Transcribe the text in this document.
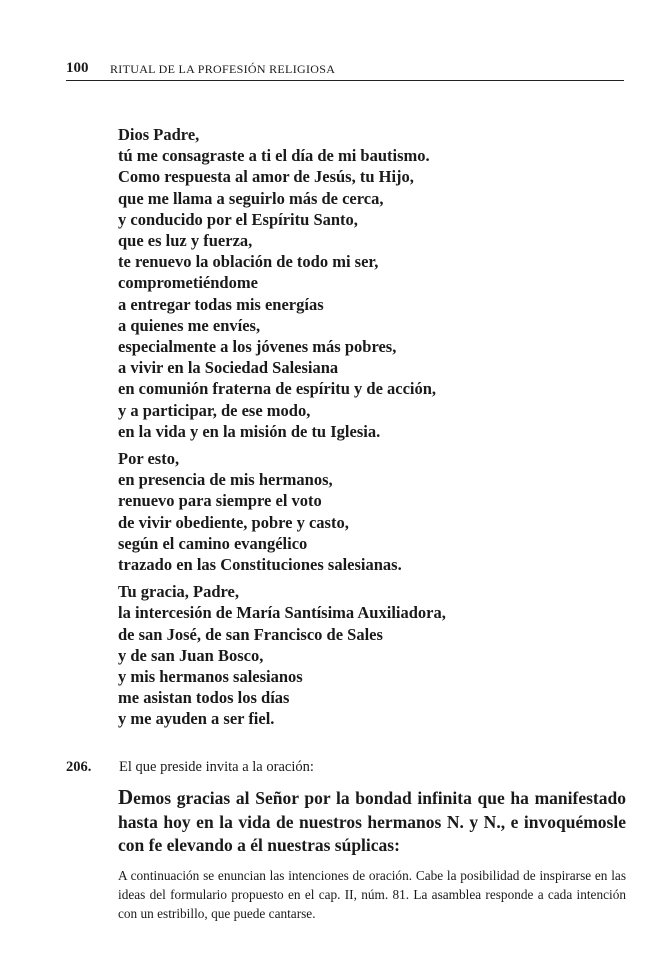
100 RITUAL DE LA PROFESIÓN RELIGIOSA
Dios Padre,
tú me consagraste a ti el día de mi bautismo.
Como respuesta al amor de Jesús, tu Hijo,
que me llama a seguirlo más de cerca,
y conducido por el Espíritu Santo,
que es luz y fuerza,
te renuevo la oblación de todo mi ser,
comprometiéndome
a entregar todas mis energías
a quienes me envíes,
especialmente a los jóvenes más pobres,
a vivir en la Sociedad Salesiana
en comunión fraterna de espíritu y de acción,
y a participar, de ese modo,
en la vida y en la misión de tu Iglesia.
Por esto,
en presencia de mis hermanos,
renuevo para siempre el voto
de vivir obediente, pobre y casto,
según el camino evangélico
trazado en las Constituciones salesianas.
Tu gracia, Padre,
la intercesión de María Santísima Auxiliadora,
de san José, de san Francisco de Sales
y de san Juan Bosco,
y mis hermanos salesianos
me asistan todos los días
y me ayuden a ser fiel.
206. El que preside invita a la oración:

Demos gracias al Señor por la bondad infinita que ha manifestado hasta hoy en la vida de nuestros hermanos N. y N., e invoquémosle con fe elevando a él nuestras súplicas:

A continuación se enuncian las intenciones de oración. Cabe la posibilidad de inspirarse en las ideas del formulario propuesto en el cap. II, núm. 81. La asamblea responde a cada intención con un estribillo, que puede cantarse.
